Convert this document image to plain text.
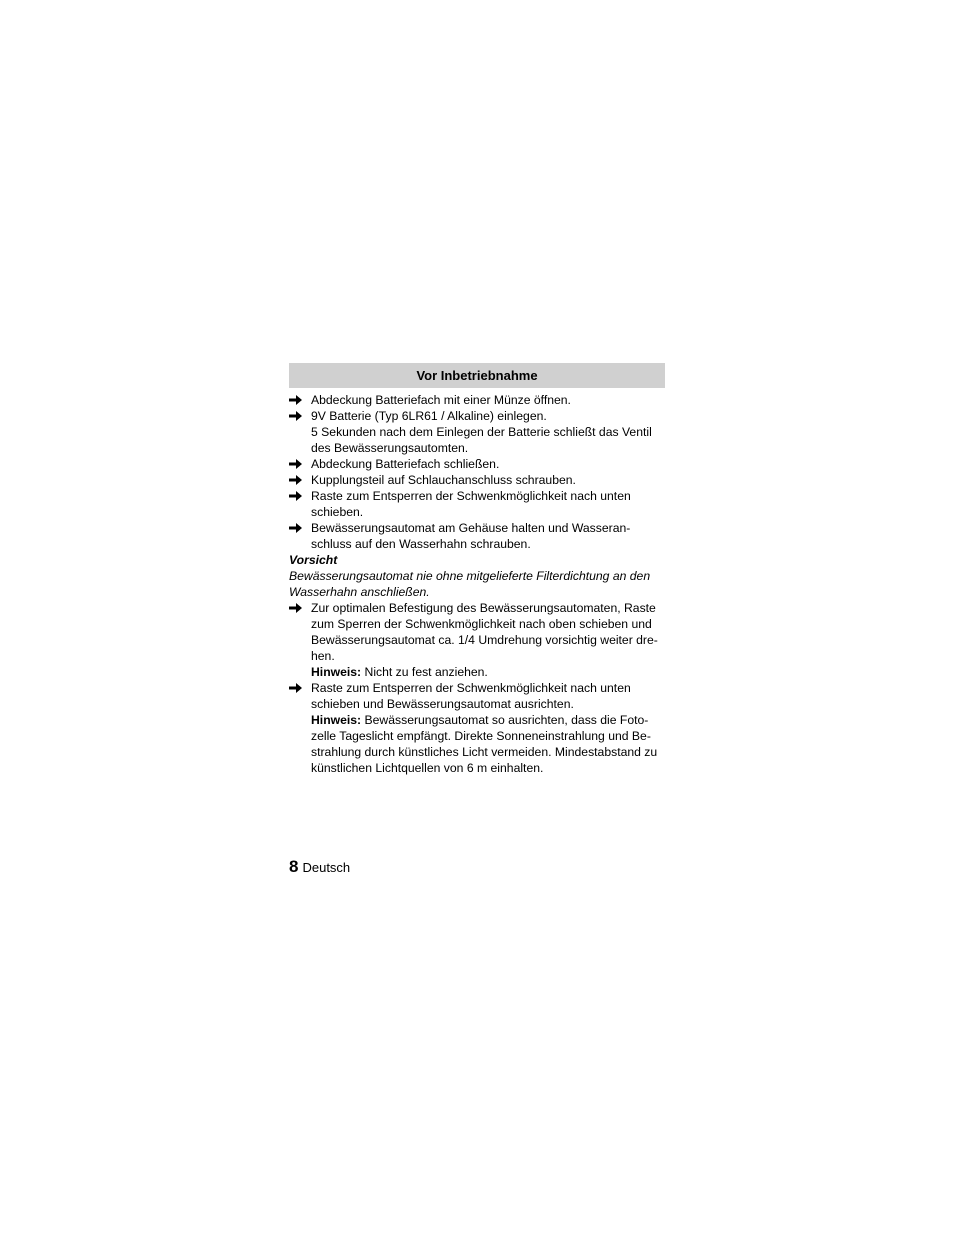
Vor Inbetriebnahme
Abdeckung Batteriefach mit einer Münze öffnen.
9V Batterie (Typ 6LR61 / Alkaline) einlegen.
5 Sekunden nach dem Einlegen der Batterie schließt das Ventil
des Bewässerungsautomten.
Abdeckung Batteriefach schließen.
Kupplungsteil auf Schlauchanschluss schrauben.
Raste zum Entsperren der Schwenkmöglichkeit nach unten
schieben.
Bewässerungsautomat am Gehäuse halten und Wasseran-
schluss auf den Wasserhahn schrauben.
Vorsicht
Bewässerungsautomat nie ohne mitgelieferte Filterdichtung an den
Wasserhahn anschließen.
Zur optimalen Befestigung des Bewässerungsautomaten, Raste
zum Sperren der Schwenkmöglichkeit nach oben schieben und
Bewässerungsautomat ca. 1/4 Umdrehung vorsichtig weiter dre-
hen.
Hinweis: Nicht zu fest anziehen.
Raste zum Entsperren der Schwenkmöglichkeit nach unten
schieben und Bewässerungsautomat ausrichten.
Hinweis: Bewässerungsautomat so ausrichten, dass die Foto-
zelle Tageslicht empfängt. Direkte Sonneneinstrahlung und Be-
strahlung durch künstliches Licht vermeiden. Mindestabstand zu
künstlichen Lichtquellen von 6 m einhalten.
8 Deutsch
